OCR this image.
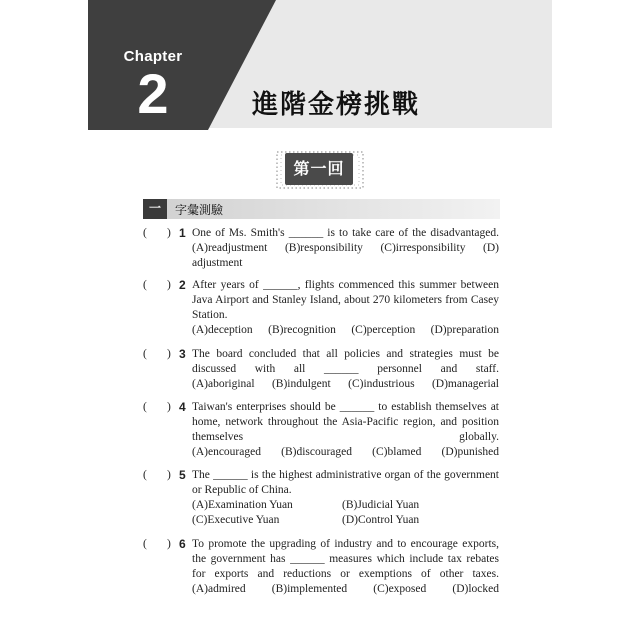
Chapter
2	進階金榜挑戰
第一回
一	字彙測驗
( ) 1 One of Ms. Smith's ______ is to take care of the disadvantaged.
(A)readjustment (B)responsibility (C)irresponsibility (D)
adjustment
( ) 2 After years of ______, flights commenced this summer between
Java Airport and Stanley Island, about 270 kilometers from Casey
Station.
(A)deception (B)recognition (C)perception (D)preparation
( ) 3 The board concluded that all policies and strategies must be
discussed with all ______ personnel and staff.
(A)aboriginal (B)indulgent (C)industrious (D)managerial
( ) 4 Taiwan's enterprises should be ______ to establish themselves at
home, network throughout the Asia-Pacific region, and position
themselves globally.
(A)encouraged (B)discouraged (C)blamed (D)punished
( ) 5 The ______ is the highest administrative organ of the government
or Republic of China.
(A)Examination Yuan	(B)Judicial Yuan
(C)Executive Yuan	(D)Control Yuan
( ) 6 To promote the upgrading of industry and to encourage exports,
the government has ______ measures which include tax rebates
for exports and reductions or exemptions of other taxes.
(A)admired (B)implemented (C)exposed (D)locked
